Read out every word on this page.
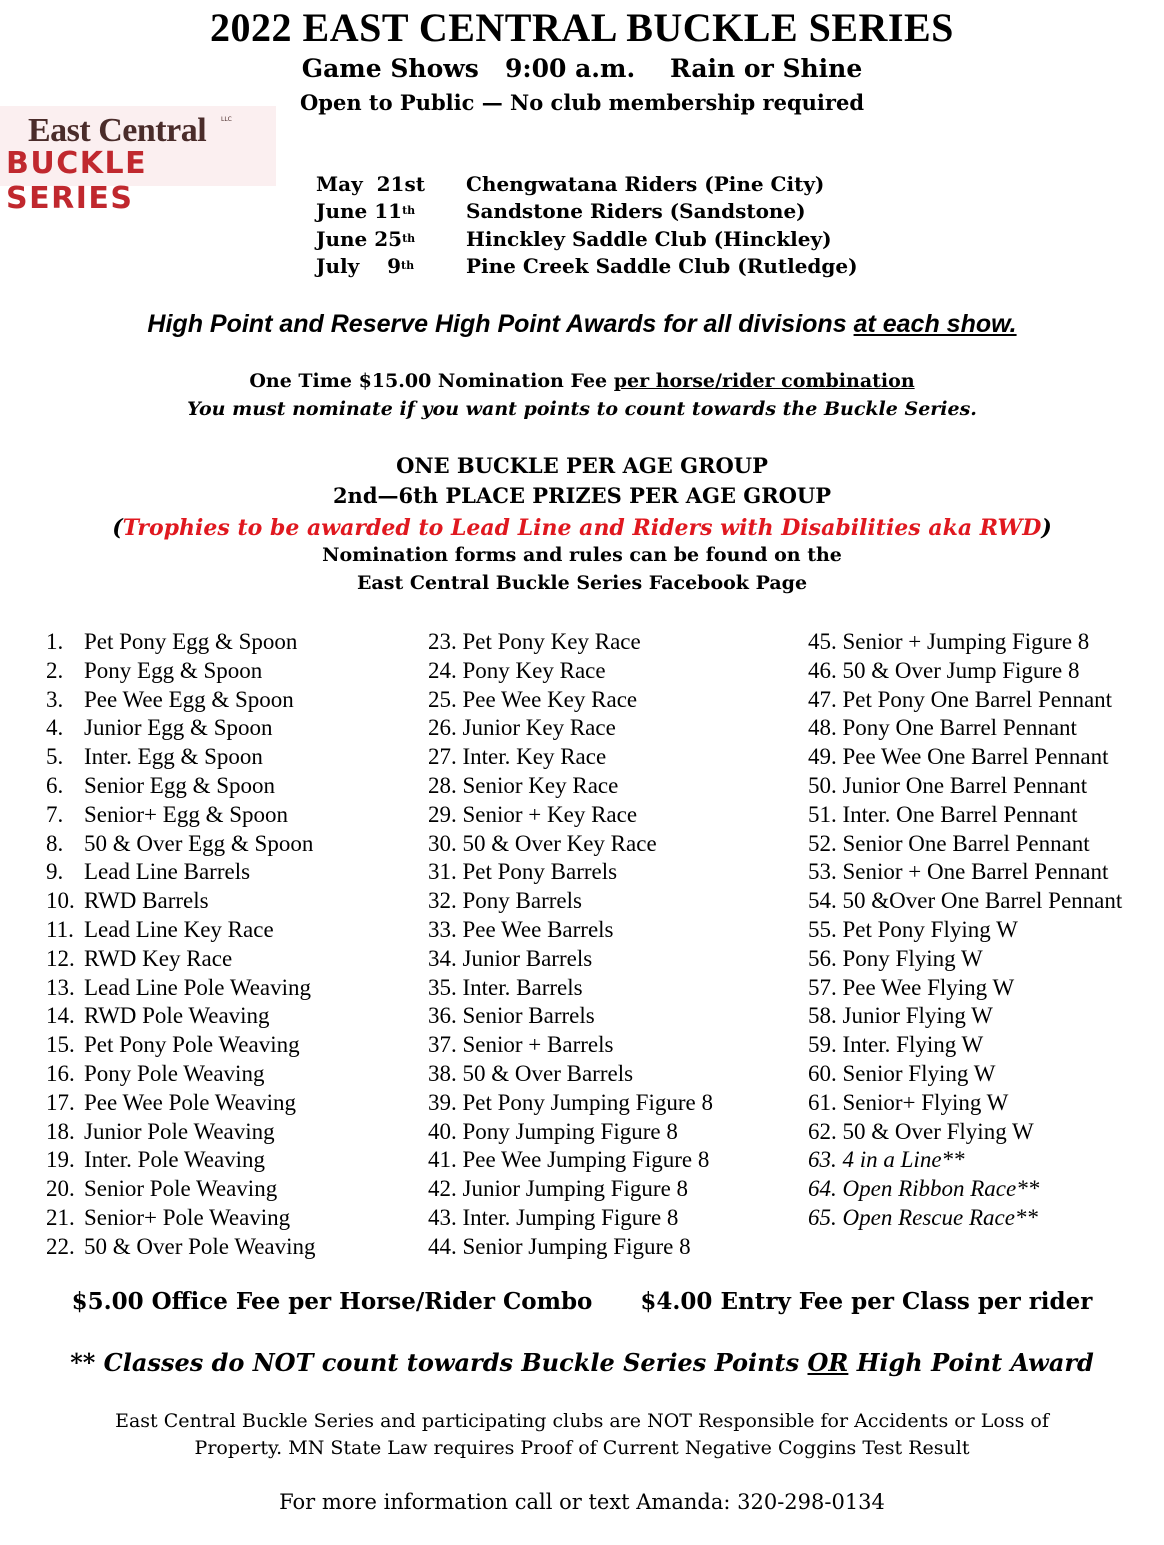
2022 EAST CENTRAL BUCKLE SERIES
Game Shows   9:00 a.m.    Rain or Shine
Open to Public — No club membership required
East Central LLC
BUCKLE SERIES	May  21st Chengwatana Riders (Pine City)
June 11th	Sandstone Riders (Sandstone)
June 25th	Hinckley Saddle Club (Hinckley)
July    9th	Pine Creek Saddle Club (Rutledge)
High Point and Reserve High Point Awards for all divisions at each show.
One Time $15.00 Nomination Fee per horse/rider combination
You must nominate if you want points to count towards the Buckle Series.
ONE BUCKLE PER AGE GROUP
2nd—6th PLACE PRIZES PER AGE GROUP
(Trophies to be awarded to Lead Line and Riders with Disabilities aka RWD)
Nomination forms and rules can be found on the
East Central Buckle Series Facebook Page
1. Pet Pony Egg & Spoon
2. Pony Egg & Spoon
3. Pee Wee Egg & Spoon
4. Junior Egg & Spoon
5. Inter. Egg & Spoon
6. Senior Egg & Spoon
7. Senior+ Egg & Spoon
8. 50 & Over Egg & Spoon
9. Lead Line Barrels
10. RWD Barrels
11. Lead Line Key Race
12. RWD Key Race
13. Lead Line Pole Weaving
14. RWD Pole Weaving
15. Pet Pony Pole Weaving
16. Pony Pole Weaving
17. Pee Wee Pole Weaving
18. Junior Pole Weaving
19. Inter. Pole Weaving
20. Senior Pole Weaving
21. Senior+ Pole Weaving
22. 50 & Over Pole Weaving
23. Pet Pony Key Race
24. Pony Key Race
25. Pee Wee Key Race
26. Junior Key Race
27. Inter. Key Race
28. Senior Key Race
29. Senior + Key Race
30. 50 & Over Key Race
31. Pet Pony Barrels
32. Pony Barrels
33. Pee Wee Barrels
34. Junior Barrels
35. Inter. Barrels
36. Senior Barrels
37. Senior + Barrels
38. 50 & Over Barrels
39. Pet Pony Jumping Figure 8
40. Pony Jumping Figure 8
41. Pee Wee Jumping Figure 8
42. Junior Jumping Figure 8
43. Inter. Jumping Figure 8
44. Senior Jumping Figure 8
45. Senior + Jumping Figure 8
46. 50 & Over Jump Figure 8
47. Pet Pony One Barrel Pennant
48. Pony One Barrel Pennant
49. Pee Wee One Barrel Pennant
50. Junior One Barrel Pennant
51. Inter. One Barrel Pennant
52. Senior One Barrel Pennant
53. Senior + One Barrel Pennant
54. 50 &Over One Barrel Pennant
55. Pet Pony Flying W
56. Pony Flying W
57. Pee Wee Flying W
58. Junior Flying W
59. Inter. Flying W
60. Senior Flying W
61. Senior+ Flying W
62. 50 & Over Flying W
63. 4 in a Line**
64. Open Ribbon Race**
65. Open Rescue Race**
$5.00 Office Fee per Horse/Rider Combo      $4.00 Entry Fee per Class per rider
** Classes do NOT count towards Buckle Series Points OR High Point Award
East Central Buckle Series and participating clubs are NOT Responsible for Accidents or Loss of
Property. MN State Law requires Proof of Current Negative Coggins Test Result
For more information call or text Amanda: 320-298-0134
